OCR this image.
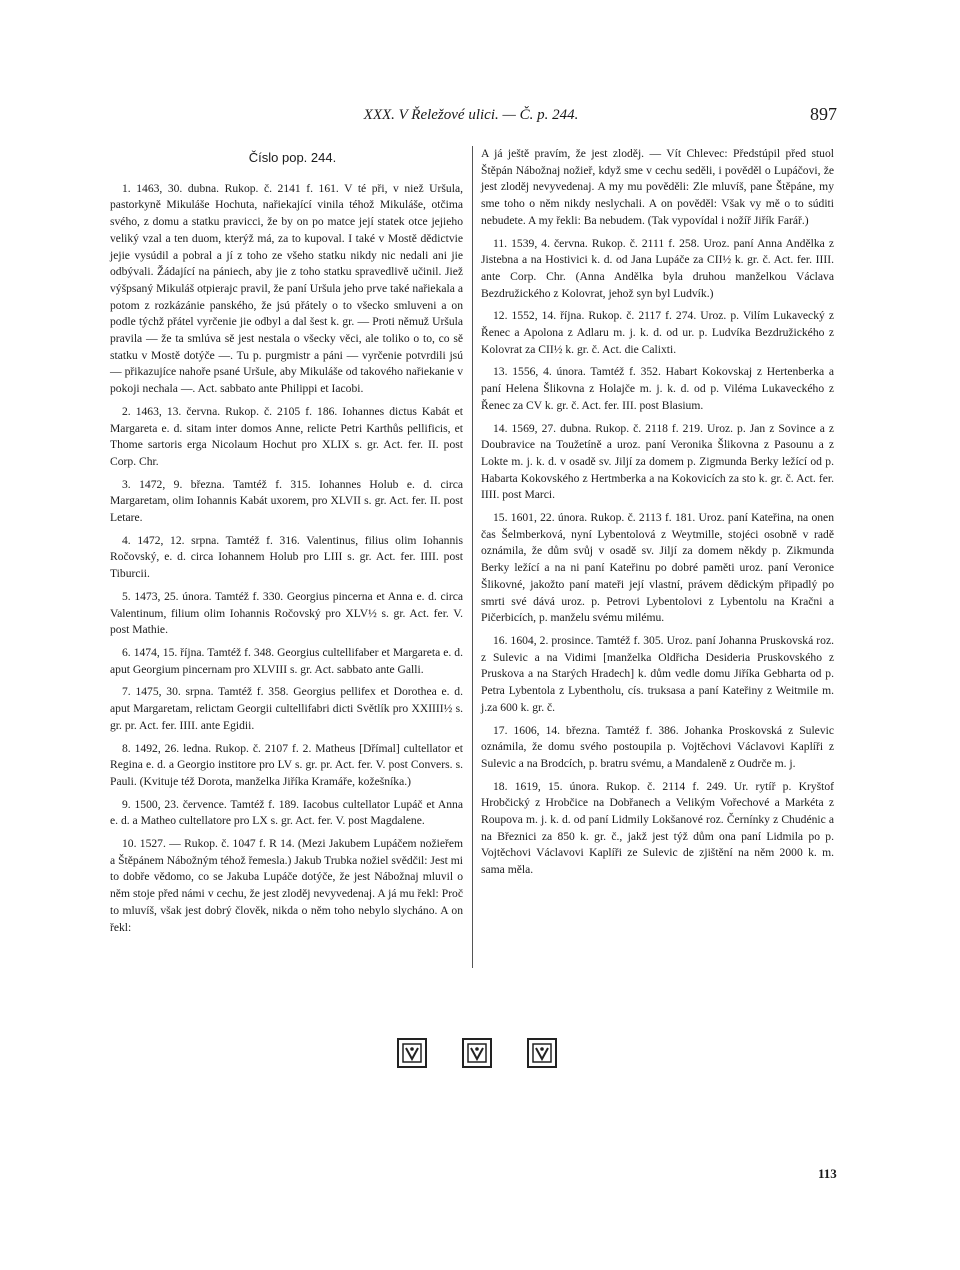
XXX. V Řeležové ulici. — Č. p. 244.	897
Číslo pop. 244.

1. 1463, 30. dubna. Rukop. č. 2141 f. 161. V té při, v niež Uršula, pastorkyně Mikuláše Hochuta, nařiekající vinila téhož Mikuláše, otčima svého, z domu a statku pravicci, že by on po matce její statek otce jejieho veliký vzal a ten duom, kterýž má, za to kupoval. I také v Mostě dědictvie jejie vysúdil a pobral a jí z toho ze všeho statku nikdy nic nedali ani jie odbývali. Žádající na pániech, aby jie z toho statku spravedlivě učinil. Jiež výšpsaný Mikuláš otpierajc pravil, že paní Uršula jeho prve také nařiekala a potom z rozkázánie panského, že jsú přátely o to všecko smluveni a on podle týchž přátel vyrčenie jie odbyl a dal šest k. gr. — Proti němuž Uršula pravila — že ta smlúva sě jest nestala o všecky věci, ale toliko o to, co sě statku v Mostě dotýče —. Tu p. purgmistr a páni — vyrčenie potvrdili jsú — přikazujíce nahoře psané Uršule, aby Mikuláše od takového nařiekanie v pokoji nechala —. Act. sabbato ante Philippi et Iacobi.

2. 1463, 13. června. Rukop. č. 2105 f. 186. Iohannes dictus Kabát et Margareta e. d. sitam inter domos Anne, relicte Petri Karthůs pellificis, et Thome sartoris erga Nicolaum Hochut pro XLIX s. gr. Act. fer. II. post Corp. Chr.

3. 1472, 9. března. Tamtéž f. 315. Iohannes Holub e. d. circa Margaretam, olim Iohannis Kabát uxorem, pro XLVII s. gr. Act. fer. II. post Letare.

4. 1472, 12. srpna. Tamtéž f. 316. Valentinus, filius olim Iohannis Ročovský, e. d. circa Iohannem Holub pro LIII s. gr. Act. fer. IIII. post Tiburcii.

5. 1473, 25. února. Tamtéž f. 330. Georgius pincerna et Anna e. d. circa Valentinum, filium olim Iohannis Ročovský pro XLV½ s. gr. Act. fer. V. post Mathie.

6. 1474, 15. října. Tamtéž f. 348. Georgius cultellifaber et Margareta e. d. aput Georgium pincernam pro XLVIII s. gr. Act. sabbato ante Galli.

7. 1475, 30. srpna. Tamtéž f. 358. Georgius pellifex et Dorothea e. d. aput Margaretam, relictam Georgii cultellifabri dicti Světlík pro XXIIII½ s. gr. pr. Act. fer. IIII. ante Egidii.

8. 1492, 26. ledna. Rukop. č. 2107 f. 2. Matheus [Dřímal] cultellator et Regina e. d. a Georgio institore pro LV s. gr. pr. Act. fer. V. post Convers. s. Pauli. (Kvituje též Dorota, manželka Jiříka Kramáře, kožešníka.)

9. 1500, 23. července. Tamtéž f. 189. Iacobus cultellator Lupáč et Anna e. d. a Matheo cultellatore pro LX s. gr. Act. fer. V. post Magdalene.

10. 1527. — Rukop. č. 1047 f. R 14. (Mezi Jakubem Lupáčem nožieřem a Štěpánem Nábožným téhož řemesla.) Jakub Trubka nožiel svědčil: Jest mi to dobře vědomo, co se Jakuba Lupáče dotýče, že jest Nábožnaj mluvil o něm stoje před námi v cechu, že jest zloděj nevyvedenaj. A já mu řekl: Proč to mluvíš, však jest dobrý člověk, nikda o něm toho nebylo slycháno. A on řekl:

A já ještě pravím, že jest zloděj. — Vít Chlevec: Předstúpil před stuol Štěpán Nábožnaj nožieř, když sme v cechu seděli, i pověděl o Lupáčovi, že jest zloděj nevyvedenaj. A my mu pověděli: Zle mluvíš, pane Štěpáne, my sme toho o něm nikdy neslychali. A on pověděl: Však vy mě o to súditi nebudete. A my řekli: Ba nebudem. (Tak vypovídal i nožíř Jiřík Farář.)

11. 1539, 4. června. Rukop. č. 2111 f. 258. Uroz. paní Anna Andělka z Jistebna a na Hostivici k. d. od Jana Lupáče za CII½ k. gr. č. Act. fer. IIII. ante Corp. Chr. (Anna Andělka byla druhou manželkou Václava Bezdružického z Kolovrat, jehož syn byl Ludvík.)

12. 1552, 14. října. Rukop. č. 2117 f. 274. Uroz. p. Vilím Lukavecký z Řenec a Apolona z Adlaru m. j. k. d. od ur. p. Ludvíka Bezdružického z Kolovrat za CII½ k. gr. č. Act. die Calixti.

13. 1556, 4. února. Tamtéž f. 352. Habart Kokovskaj z Hertenberka a paní Helena Šlikovna z Holajče m. j. k. d. od p. Viléma Lukaveckého z Řenec za CV k. gr. č. Act. fer. III. post Blasium.

14. 1569, 27. dubna. Rukop. č. 2118 f. 219. Uroz. p. Jan z Sovince a z Doubravice na Toužetíně a uroz. paní Veronika Šlikovna z Pasounu a z Lokte m. j. k. d. v osadě sv. Jiljí za domem p. Zigmunda Berky ležící od p. Habarta Kokovského z Hertmberka a na Kokovicích za sto k. gr. č. Act. fer. IIII. post Marci.

15. 1601, 22. února. Rukop. č. 2113 f. 181. Uroz. paní Kateřina, na onen čas Šelmberková, nyní Lybentolová z Weytmille, stojéci osobně v radě oznámila, že dům svůj v osadě sv. Jiljí za domem někdy p. Zikmunda Berky ležící a na ni paní Kateřinu po dobré paměti uroz. paní Veronice Šlikovné, jakožto paní mateři její vlastní, právem dědickým připadlý po smrti své dává uroz. p. Petrovi Lybentolovi z Lybentolu na Kračni a Pičerbicích, p. manželu svému milému.

16. 1604, 2. prosince. Tamtéž f. 305. Uroz. paní Johanna Pruskovská roz. z Sulevic a na Vidimi [manželka Oldřicha Desideria Pruskovského z Pruskova a na Starých Hradech] k. dům vedle domu Jiříka Gebharta od p. Petra Lybentola z Lybentholu, cís. truksasa a paní Kateřiny z Weitmile m. j.za 600 k. gr. č.

17. 1606, 14. března. Tamtéž f. 386. Johanka Proskovská z Sulevic oznámila, že domu svého postoupila p. Vojtěchovi Václavovi Kaplíři z Sulevic a na Brodcích, p. bratru svému, a Mandaleně z Oudrče m. j.

18. 1619, 15. února. Rukop. č. 2114 f. 249. Ur. rytíř p. Kryštof Hrobčický z Hrobčice na Dobřanech a Velikým Vořechové a Markéta z Roupova m. j. k. d. od paní Lidmily Lokšanové roz. Černínky z Chudénic a na Březnici za 850 k. gr. č., jakž jest týž dům ona paní Lidmila po p. Vojtěchovi Václavovi Kaplíři ze Sulevic de zjištění na něm 2000 k. m. sama měla.

113
